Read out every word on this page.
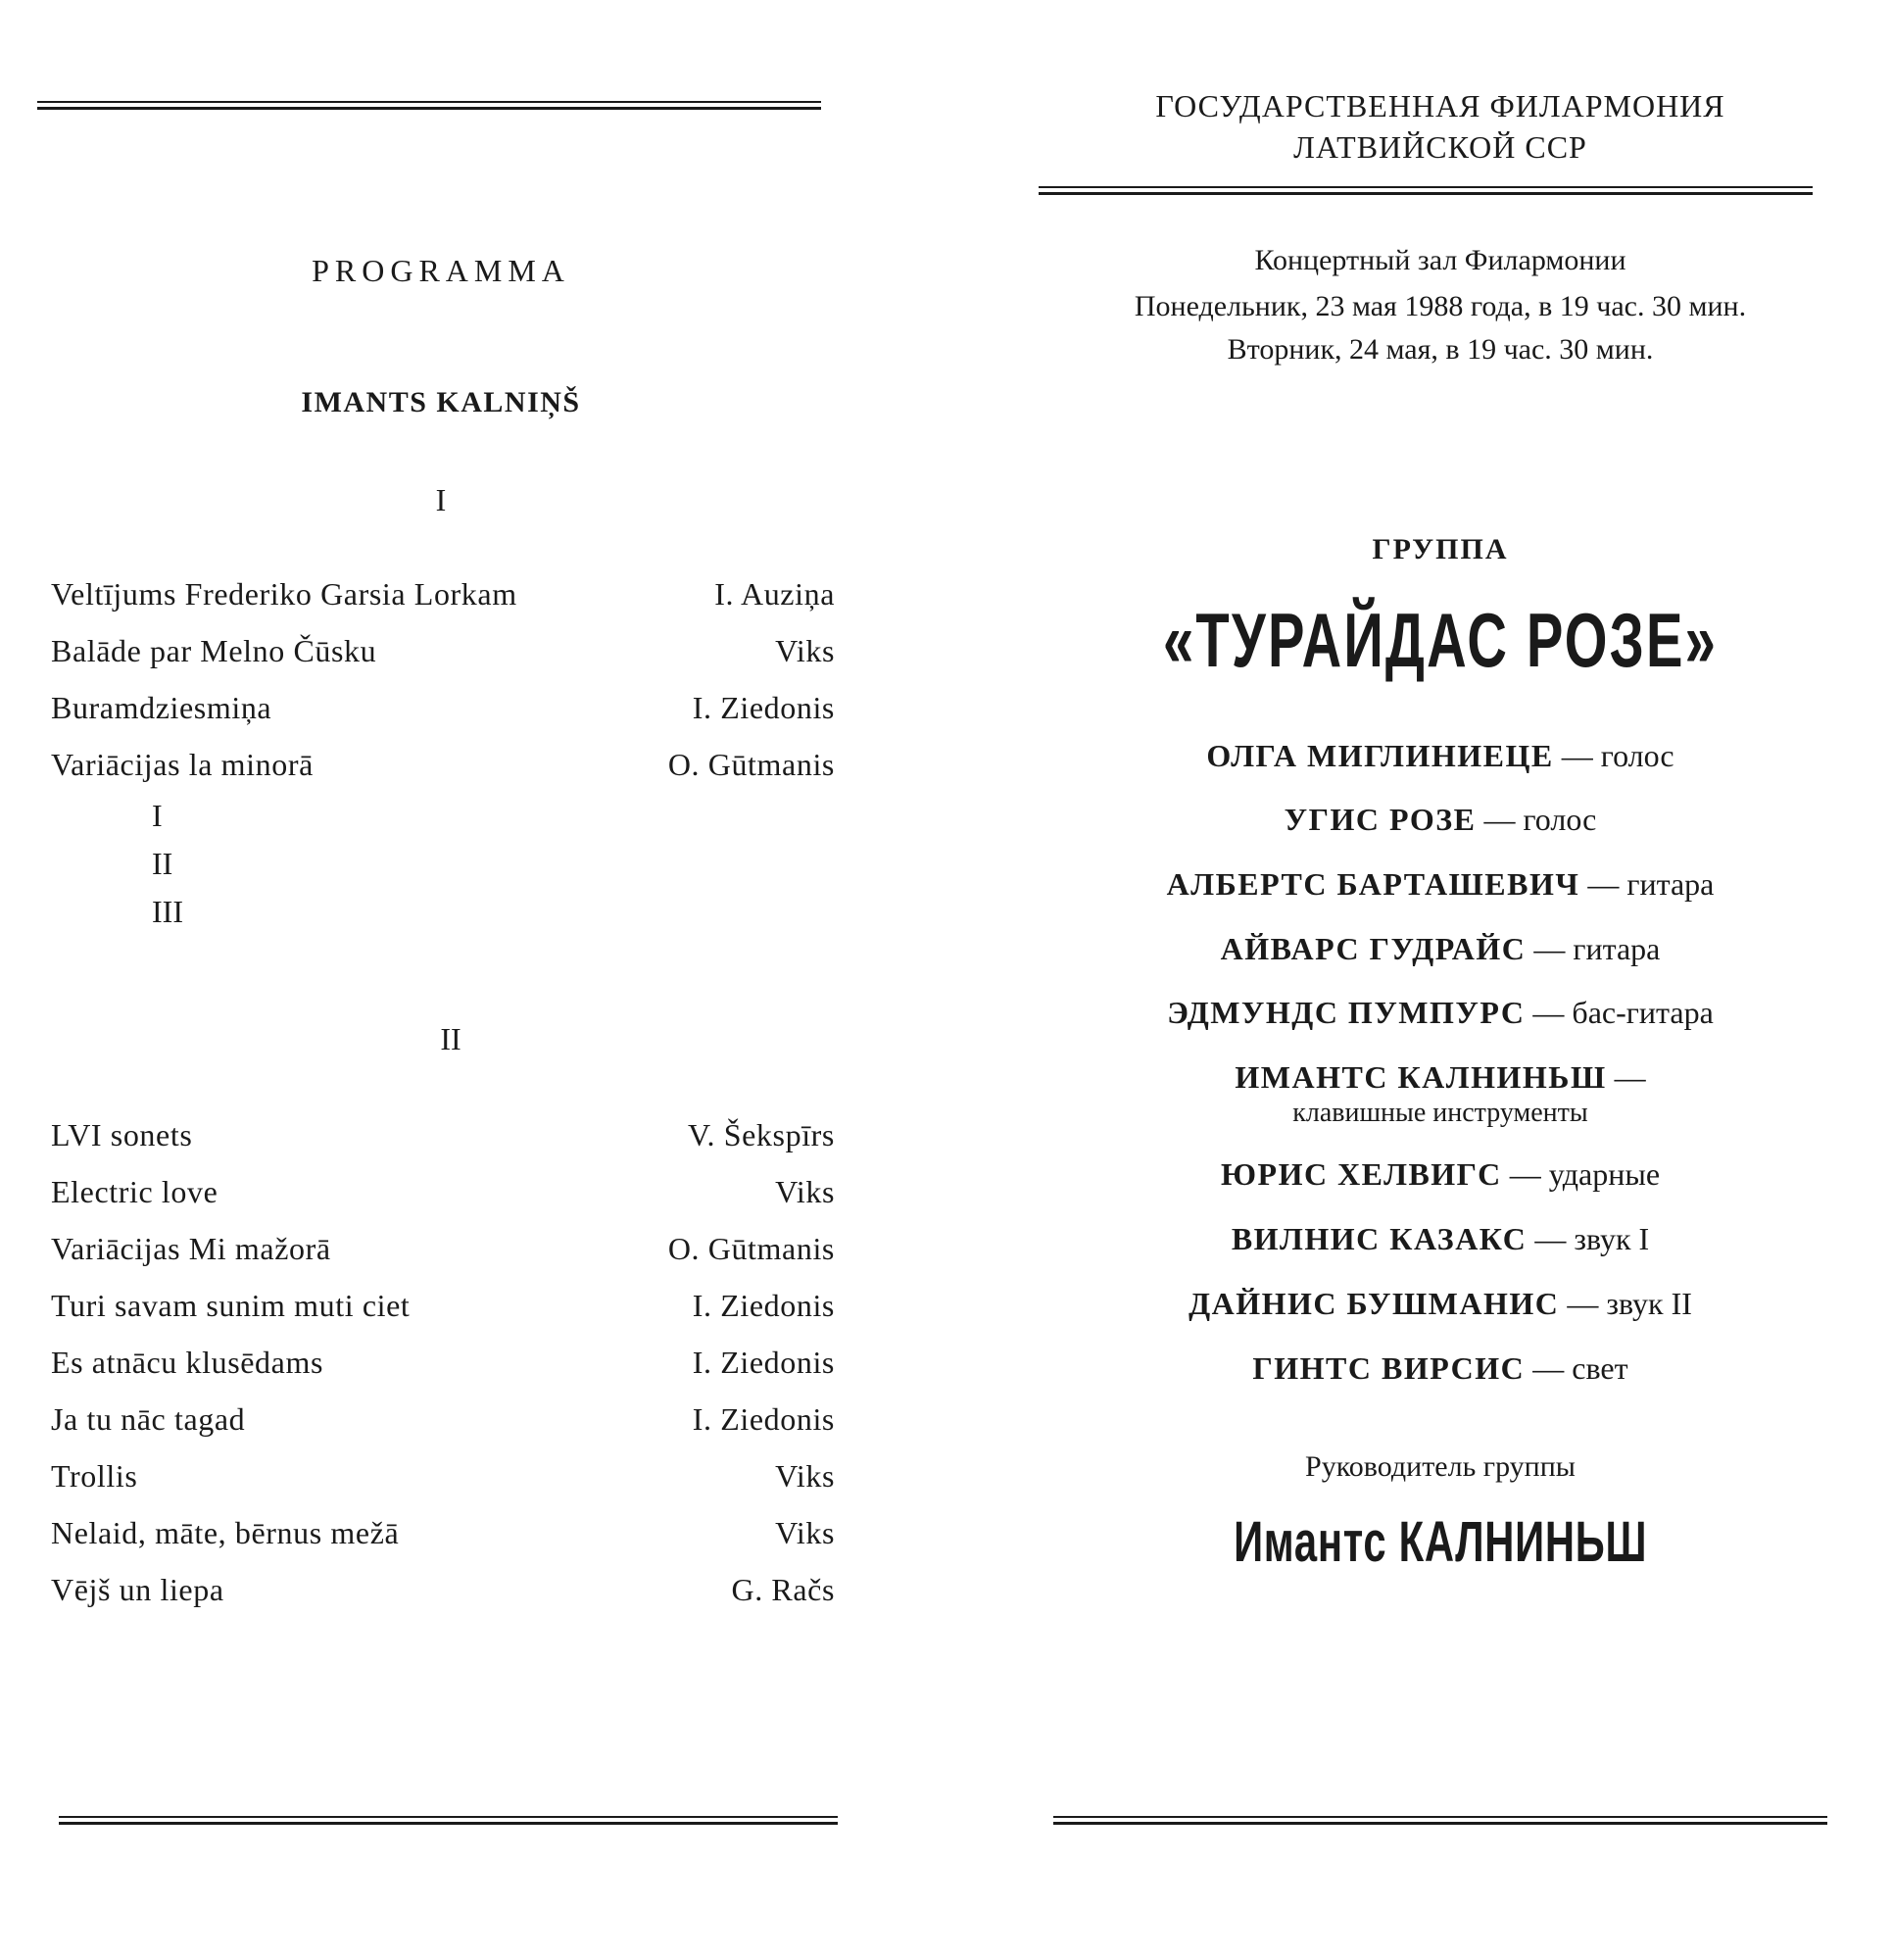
PROGRAMMA
IMANTS KALNIŅŠ
I
Veltījums Frederiko Garsia Lorkam	I. Auziņa
Balāde par Melno Čūsku	Viks
Buramdziesmiņa	I. Ziedonis
Variācijas la minorā	O. Gūtmanis
I
II
III
II
LVI sonets	V. Šekspīrs
Electric love	Viks
Variācijas Mi mažorā	O. Gūtmanis
Turi savam sunim muti ciet	I. Ziedonis
Es atnācu klusēdams	I. Ziedonis
Ja tu nāc tagad	I. Ziedonis
Trollis	Viks
Nelaid, māte, bērnus mežā	Viks
Vējš un liepa	G. Račs
ГОСУДАРСТВЕННАЯ ФИЛАРМОНИЯ
ЛАТВИЙСКОЙ ССР
Концертный зал Филармонии
Понедельник, 23 мая 1988 года, в 19 час. 30 мин.
Вторник, 24 мая, в 19 час. 30 мин.
ГРУППА
«ТУРАЙДАС РОЗЕ»
ОЛГА МИГЛИНИЕЦЕ — голос
УГИС РОЗЕ — голос
АЛБЕРТС БАРТАШЕВИЧ — гитара
АЙВАРС ГУДРАЙС — гитара
ЭДМУНДС ПУМПУРС — бас-гитара
ИМАНТС КАЛНИНЬШ —
клавишные инструменты
ЮРИС ХЕЛВИГС — ударные
ВИЛНИС КАЗАКС — звук I
ДАЙНИС БУШМАНИС — звук II
ГИНТС ВИРСИС — свет
Руководитель группы
Имантс КАЛНИНЬШ
